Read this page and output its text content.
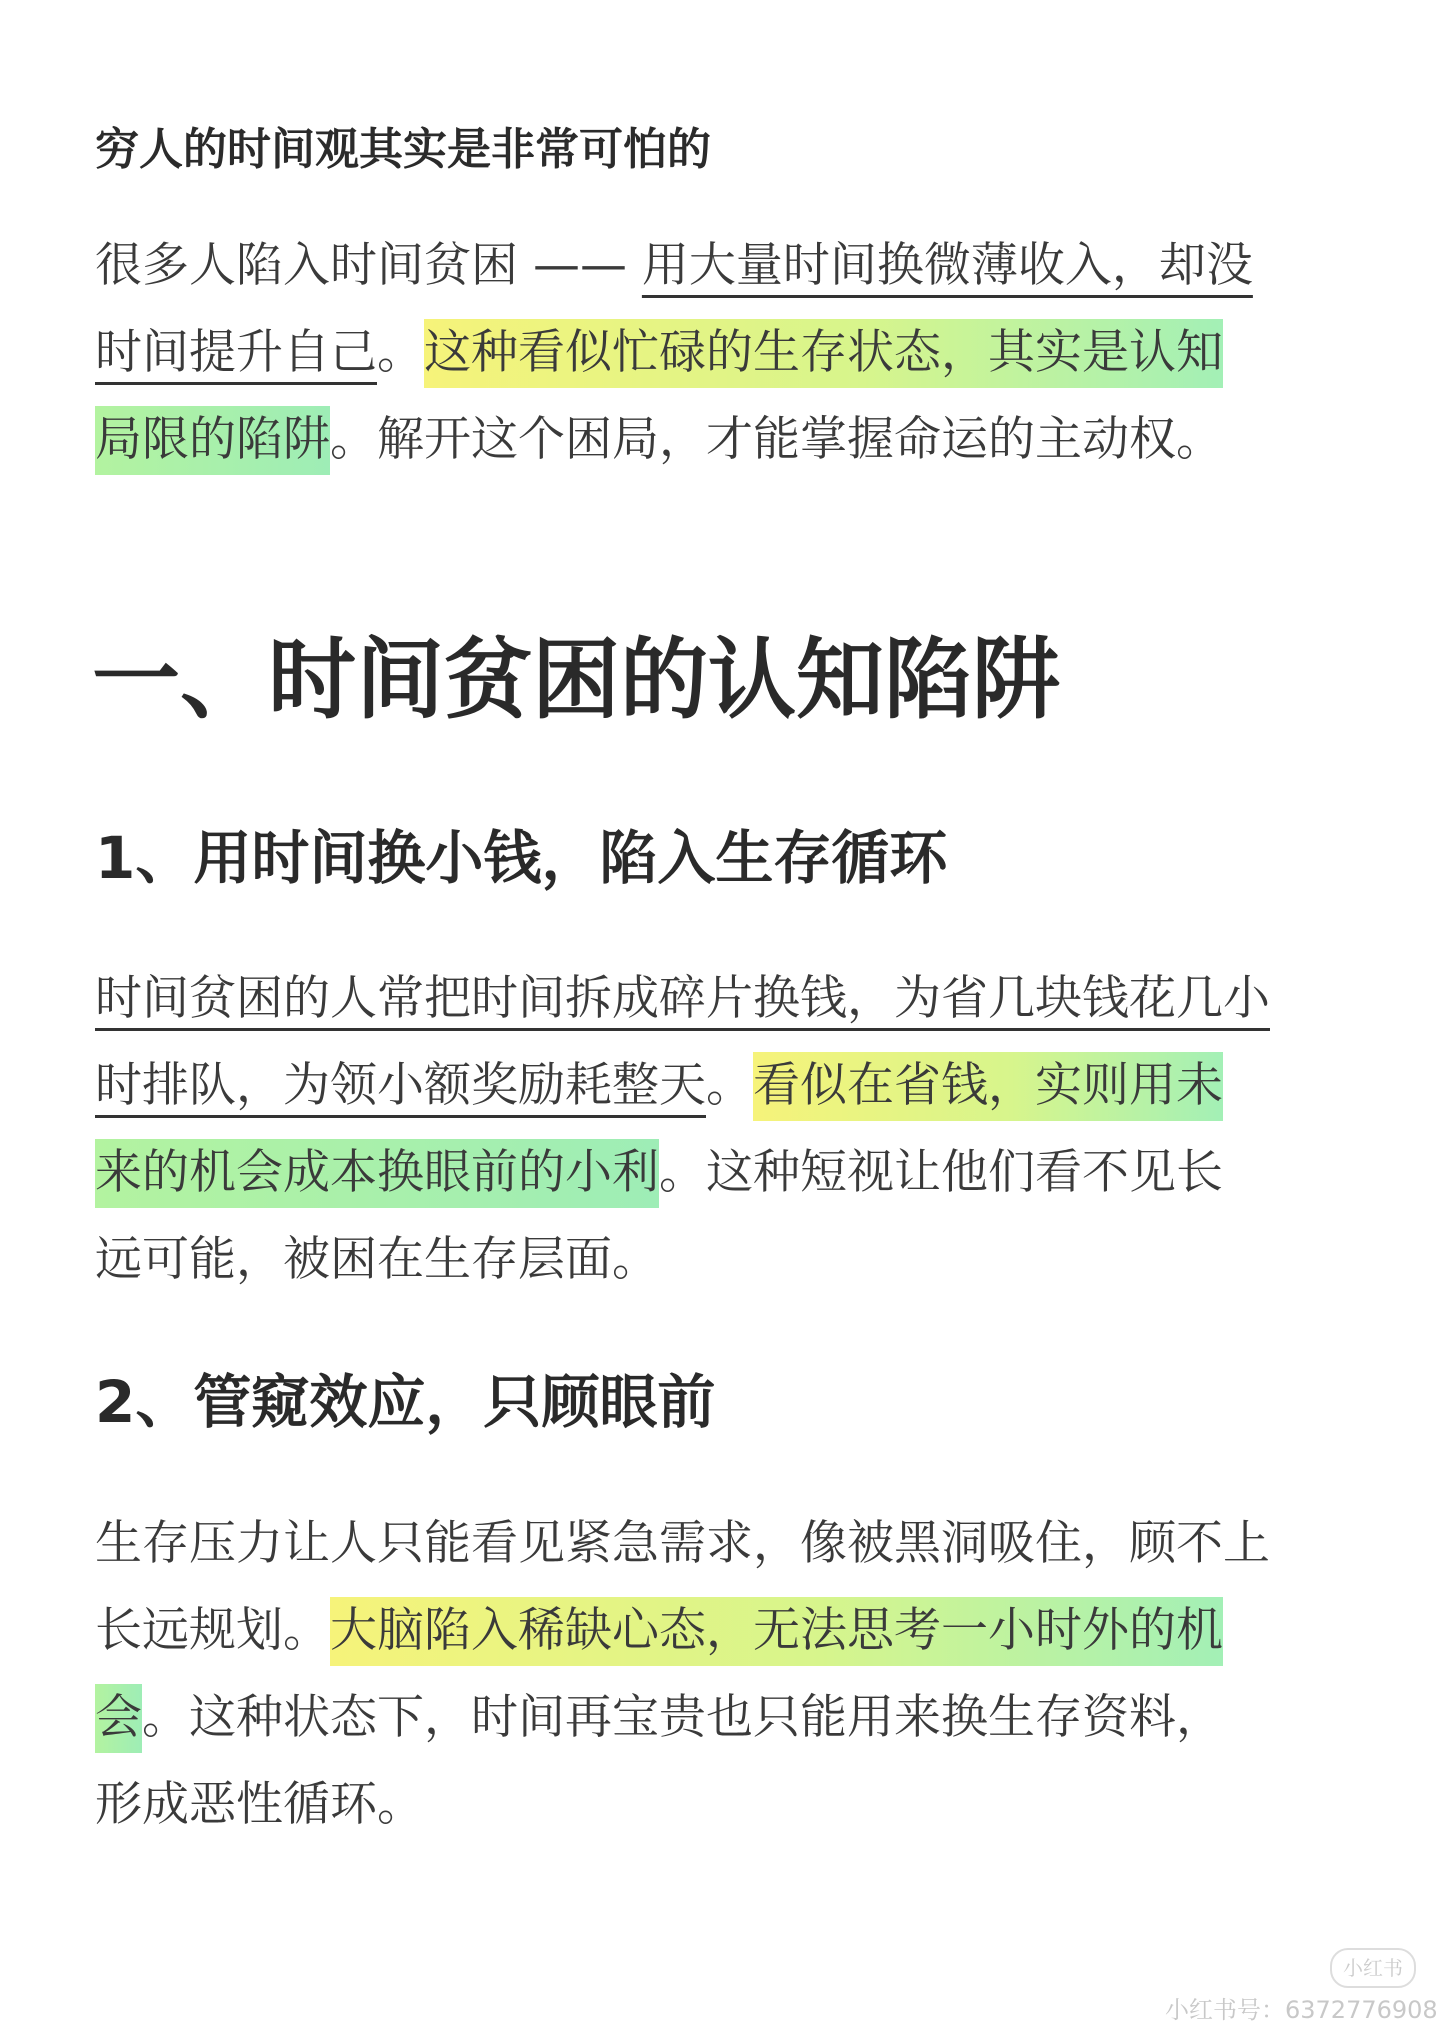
穷人的时间观其实是非常可怕的
很多人陷入时间贫困 —— 用大量时间换微薄收入，却没
时间提升自己。这种看似忙碌的生存状态，其实是认知
局限的陷阱。解开这个困局，才能掌握命运的主动权。
一、时间贫困的认知陷阱
1、用时间换小钱，陷入生存循环
时间贫困的人常把时间拆成碎片换钱，为省几块钱花几小
时排队，为领小额奖励耗整天。看似在省钱，实则用未
来的机会成本换眼前的小利。这种短视让他们看不见长
远可能，被困在生存层面。
2、管窥效应，只顾眼前
生存压力让人只能看见紧急需求，像被黑洞吸住，顾不上
长远规划。大脑陷入稀缺心态，无法思考一小时外的机
会。这种状态下，时间再宝贵也只能用来换生存资料，
形成恶性循环。
小红书
小红书号：6372776908
